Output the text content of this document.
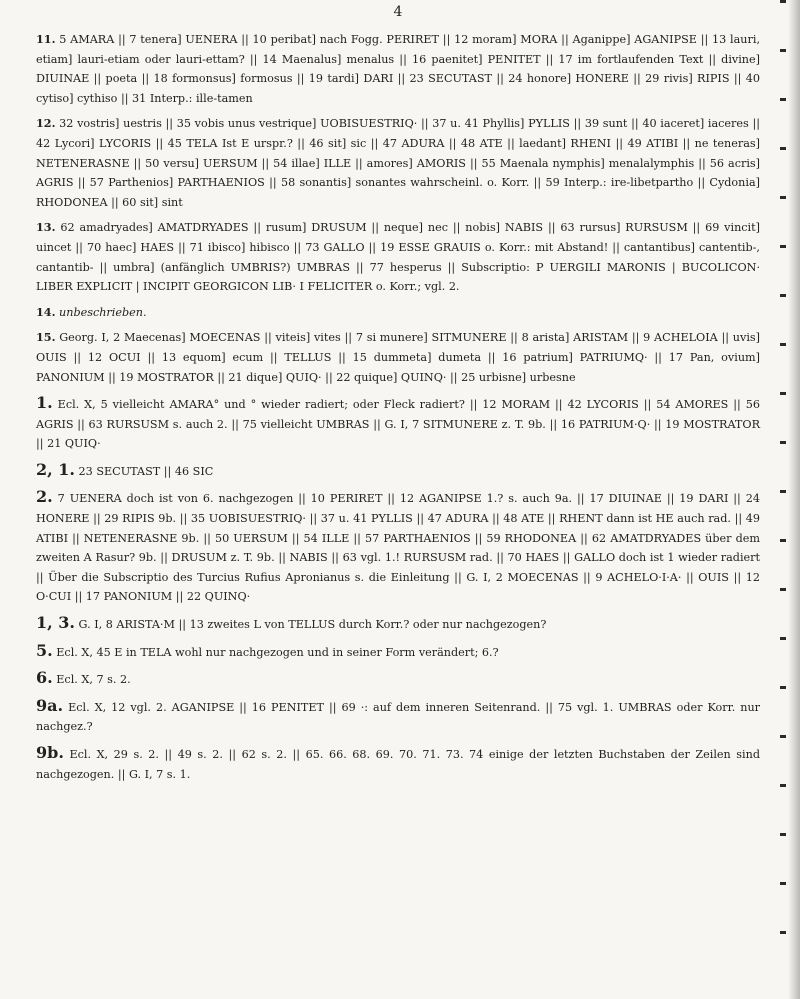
4

11. 5 AMARA || 7 tenera] UENERA || 10 peribat] nach Fogg. PERIRET || 12 moram] MORA || Aganippe] AGANIPSE || 13 lauri, etiam] lauri-etiam oder lauri-ettam? || 14 Maenalus] menalus || 16 paenitet] PENITET || 17 im fortlaufenden Text || divine] DIUINAE || poeta || 18 formonsus] formosus || 19 tardi] DARI || 23 SECUTAST || 24 honore] HONERE || 29 rivis] RIPIS || 40 cytiso] cythiso || 31 Interp.: ille-tamen

12. 32 vostris] uestris || 35 vobis unus vestrique] UOBISUESTRIQ· || 37 u. 41 Phyllis] PYLLIS || 39 sunt || 40 iaceret] iaceres || 42 Lycori] LYCORIS || 45 TELA Ist E urspr.? || 46 sit] sic || 47 ADURA || 48 ATE || laedant] RHENI || 49 ATIBI || ne teneras] NETENERASNE || 50 versu] UERSUM || 54 illae] ILLE || amores] AMORIS || 55 Maenala nymphis] menalalymphis || 56 acris] AGRIS || 57 Parthenios] PARTHAENIOS || 58 sonantis] sonantes wahrscheinl. o. Korr. || 59 Interp.: ire-libetpartho || Cydonia] RHODONEA || 60 sit] sint

13. 62 amadryades] AMATDRYADES || rusum] DRUSUM || neque] nec || nobis] NABIS || 63 rursus] RURSUSM || 69 vincit] uincet || 70 haec] HAES || 71 ibisco] hibisco || 73 GALLO || 19 ESSE GRAUIS o. Korr.: mit Abstand! || cantantibus] cantentib-, cantantib- || umbra] (anfänglich UMBRIS?) UMBRAS || 77 hesperus || Subscriptio: P UERGILI MARONIS | BUCOLICON· LIBER EXPLICIT | INCIPIT GEORGICON LIB· I FELICITER o. Korr.; vgl. 2.

14. unbeschrieben.

15. Georg. I, 2 Maecenas] MOECENAS || viteis] vites || 7 si munere] SITMUNERE || 8 arista] ARISTAM || 9 ACHELOIA || uvis] OUIS || 12 OCUI || 13 equom] ecum || TELLUS || 15 dummeta] dumeta || 16 patrium] PATRIUMQ· || 17 Pan, ovium] PANONIUM || 19 MOSTRATOR || 21 dique] QUIQ· || 22 quique] QUINQ· || 25 urbisne] urbesne

1. Ecl. X, 5 vielleicht AMARA° und ° wieder radiert; oder Fleck radiert? || 12 MORAM || 42 LYCORIS || 54 AMORES || 56 AGRIS || 63 RURSUSM s. auch 2. || 75 vielleicht UMBRAS || G. I, 7 SITMUNERE z. T. 9b. || 16 PATRIUM·Q· || 19 MOSTRATOR || 21 QUIQ·

2, 1. 23 SECUTAST || 46 SIC

2. 7 UENERA doch ist von 6. nachgezogen || 10 PERIRET || 12 AGANIPSE 1.? s. auch 9a. || 17 DIUINAE || 19 DARI || 24 HONERE || 29 RIPIS 9b. || 35 UOBISUESTRIQ· || 37 u. 41 PYLLIS || 47 ADURA || 48 ATE || RHENT dann ist HE auch rad. || 49 ATIBI || NETENERASNE 9b. || 50 UERSUM || 54 ILLE || 57 PARTHAENIOS || 59 RHODONEA || 62 AMATDRYADES über dem zweiten A Rasur? 9b. || DRUSUM z. T. 9b. || NABIS || 63 vgl. 1.! RURSUSM rad. || 70 HAES || GALLO doch ist 1 wieder radiert || Über die Subscriptio des Turcius Rufius Apronianus s. die Einleitung || G. I, 2 MOECENAS || 9 ACHELO·I·A· || OUIS || 12 O·CUI || 17 PANONIUM || 22 QUINQ·

1, 3. G. I, 8 ARISTA·M || 13 zweites L von TELLUS durch Korr.? oder nur nachgezogen?

5. Ecl. X, 45 E in TELA wohl nur nachgezogen und in seiner Form verändert; 6.?

6. Ecl. X, 7 s. 2.

9a. Ecl. X, 12 vgl. 2. AGANIPSE || 16 PENITET || 69 ·: auf dem inneren Seitenrand. || 75 vgl. 1. UMBRAS oder Korr. nur nachgez.?

9b. Ecl. X, 29 s. 2. || 49 s. 2. || 62 s. 2. || 65. 66. 68. 69. 70. 71. 73. 74 einige der letzten Buchstaben der Zeilen sind nachgezogen. || G. I, 7 s. 1.
